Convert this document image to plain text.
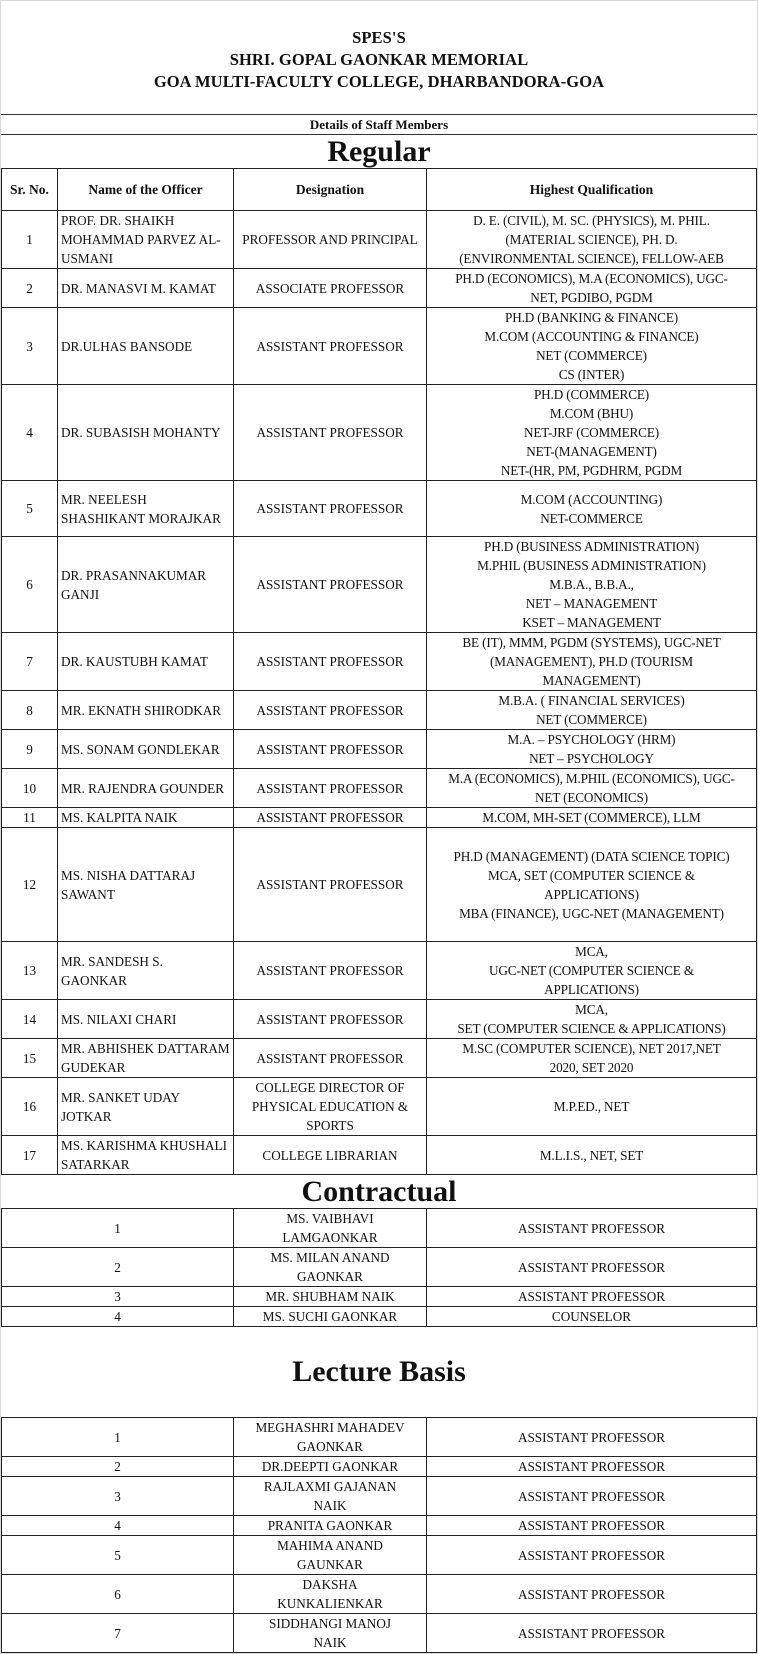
SPES'S
SHRI. GOPAL GAONKAR MEMORIAL
GOA MULTI-FACULTY COLLEGE, DHARBANDORA-GOA
Details of Staff Members
Regular
Sr. No.	Name of the Officer	Designation	Highest Qualification
1	PROF. DR. SHAIKH MOHAMMAD PARVEZ AL-USMANI	PROFESSOR AND PRINCIPAL	D. E. (CIVIL), M. SC. (PHYSICS), M. PHIL.
(MATERIAL SCIENCE), PH. D.
(ENVIRONMENTAL SCIENCE), FELLOW-AEB

2	DR. MANASVI M. KAMAT	ASSOCIATE PROFESSOR	PH.D (ECONOMICS), M.A (ECONOMICS), UGC-
NET, PGDIBO, PGDM

3	DR.ULHAS BANSODE	ASSISTANT PROFESSOR	PH.D (BANKING & FINANCE)
M.COM (ACCOUNTING & FINANCE)
NET (COMMERCE)
CS (INTER)

4	DR. SUBASISH MOHANTY	ASSISTANT PROFESSOR	PH.D (COMMERCE)
M.COM (BHU)
NET-JRF (COMMERCE)
NET-(MANAGEMENT)
NET-(HR, PM, PGDHRM, PGDM

5	MR. NEELESH SHASHIKANT MORAJKAR	ASSISTANT PROFESSOR	M.COM (ACCOUNTING)
NET-COMMERCE

6	DR. PRASANNAKUMAR GANJI	ASSISTANT PROFESSOR	PH.D (BUSINESS ADMINISTRATION)
M.PHIL (BUSINESS ADMINISTRATION)
M.B.A., B.B.A.,
NET – MANAGEMENT
KSET – MANAGEMENT

7	DR. KAUSTUBH KAMAT	ASSISTANT PROFESSOR	BE (IT), MMM, PGDM (SYSTEMS), UGC-NET
(MANAGEMENT), PH.D (TOURISM
MANAGEMENT)

8	MR. EKNATH SHIRODKAR	ASSISTANT PROFESSOR	M.B.A. ( FINANCIAL SERVICES)
NET (COMMERCE)

9	MS. SONAM GONDLEKAR	ASSISTANT PROFESSOR	M.A. – PSYCHOLOGY (HRM)
NET – PSYCHOLOGY

10	MR. RAJENDRA GOUNDER	ASSISTANT PROFESSOR	M.A (ECONOMICS), M.PHIL (ECONOMICS), UGC-
NET (ECONOMICS)

11	MS. KALPITA NAIK	ASSISTANT PROFESSOR	M.COM, MH-SET (COMMERCE), LLM

12	MS. NISHA DATTARAJ SAWANT	ASSISTANT PROFESSOR	PH.D (MANAGEMENT) (DATA SCIENCE TOPIC)
MCA, SET (COMPUTER SCIENCE &
APPLICATIONS)
MBA (FINANCE), UGC-NET (MANAGEMENT)

13	MR. SANDESH S. GAONKAR	ASSISTANT PROFESSOR	MCA,
UGC-NET (COMPUTER SCIENCE &
APPLICATIONS)

14	MS. NILAXI CHARI	ASSISTANT PROFESSOR	MCA,
SET (COMPUTER SCIENCE & APPLICATIONS)

15	MR. ABHISHEK DATTARAM GUDEKAR	ASSISTANT PROFESSOR	M.SC (COMPUTER SCIENCE), NET 2017,NET
2020, SET 2020

16	MR. SANKET UDAY JOTKAR	COLLEGE DIRECTOR OF PHYSICAL EDUCATION & SPORTS	M.P.ED., NET

17	MS. KARISHMA KHUSHALI SATARKAR	COLLEGE LIBRARIAN	M.L.I.S., NET, SET
Contractual
1	MS. VAIBHAVI LAMGAONKAR	ASSISTANT PROFESSOR
2	MS. MILAN ANAND GAONKAR	ASSISTANT PROFESSOR
3	MR. SHUBHAM NAIK	ASSISTANT PROFESSOR
4	MS. SUCHI GAONKAR	COUNSELOR
Lecture Basis
1	MEGHASHRI MAHADEV GAONKAR	ASSISTANT PROFESSOR
2	DR.DEEPTI GAONKAR	ASSISTANT PROFESSOR
3	RAJLAXMI GAJANAN NAIK	ASSISTANT PROFESSOR
4	PRANITA GAONKAR	ASSISTANT PROFESSOR
5	MAHIMA ANAND GAUNKAR	ASSISTANT PROFESSOR
6	DAKSHA KUNKALIENKAR	ASSISTANT PROFESSOR
7	SIDDHANGI MANOJ NAIK	ASSISTANT PROFESSOR
